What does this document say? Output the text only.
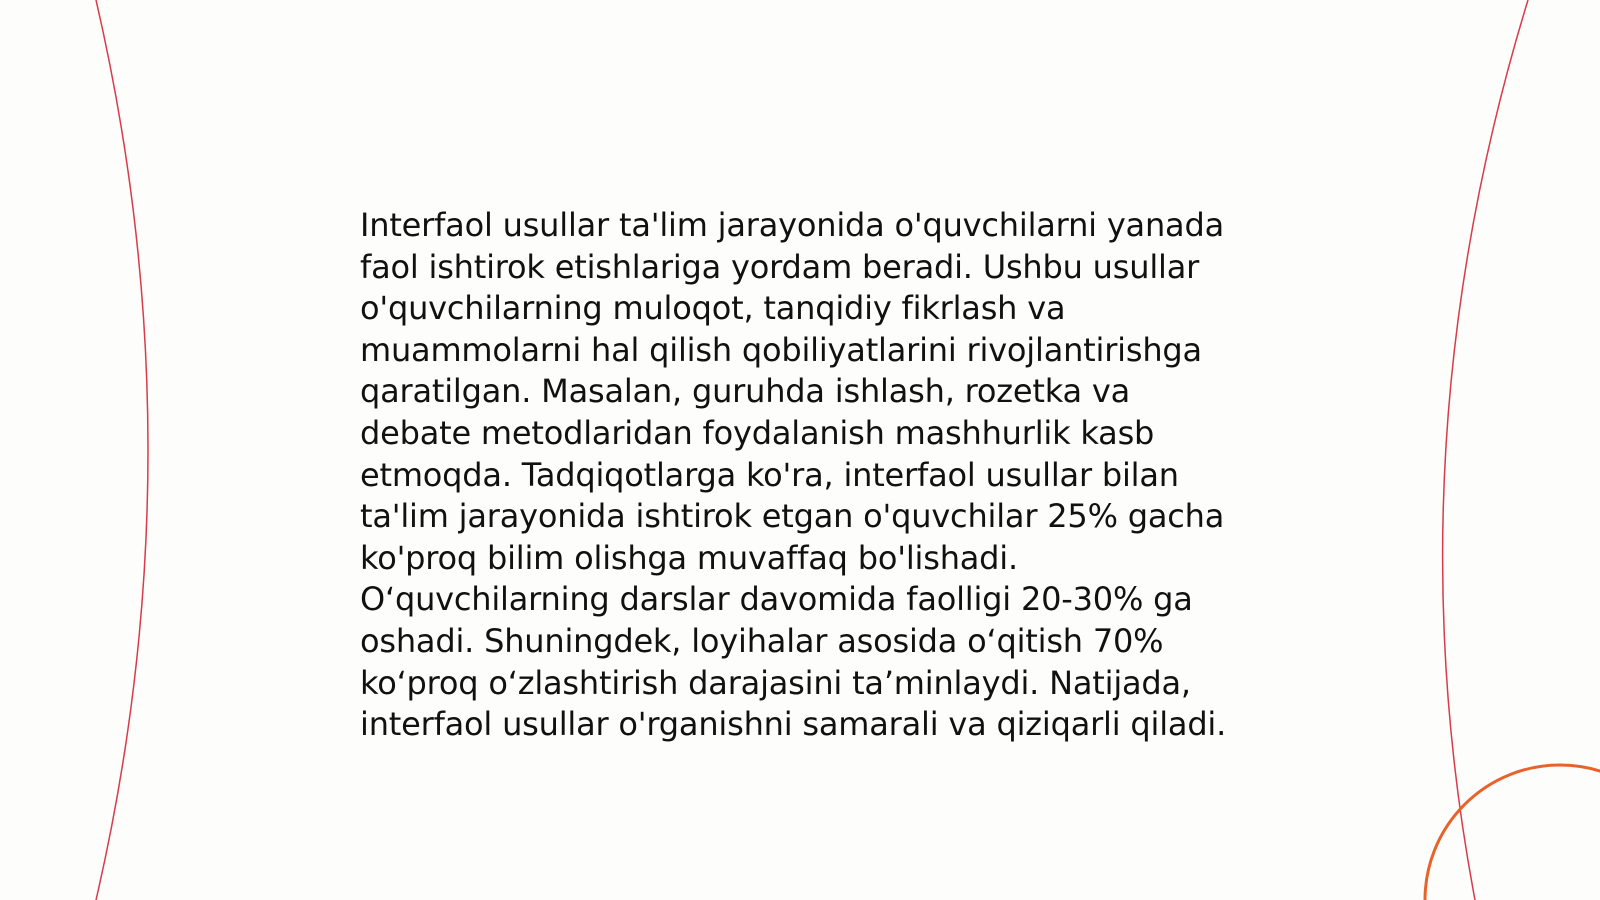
Interfaol usullar ta'lim jarayonida o'quvchilarni yanada faol ishtirok etishlariga yordam beradi. Ushbu usullar o'quvchilarning muloqot, tanqidiy fikrlash va muammolarni hal qilish qobiliyatlarini rivojlantirishga qaratilgan. Masalan, guruhda ishlash, rozetka va debate metodlaridan foydalanish mashhurlik kasb etmoqda. Tadqiqotlarga ko'ra, interfaol usullar bilan ta'lim jarayonida ishtirok etgan o'quvchilar 25% gacha ko'proq bilim olishga muvaffaq bo'lishadi. O‘quvchilarning darslar davomida faolligi 20-30% ga oshadi. Shuningdek, loyihalar asosida o‘qitish 70% ko‘proq o‘zlashtirish darajasini ta’minlaydi. Natijada, interfaol usullar o'rganishni samarali va qiziqarli qiladi.
